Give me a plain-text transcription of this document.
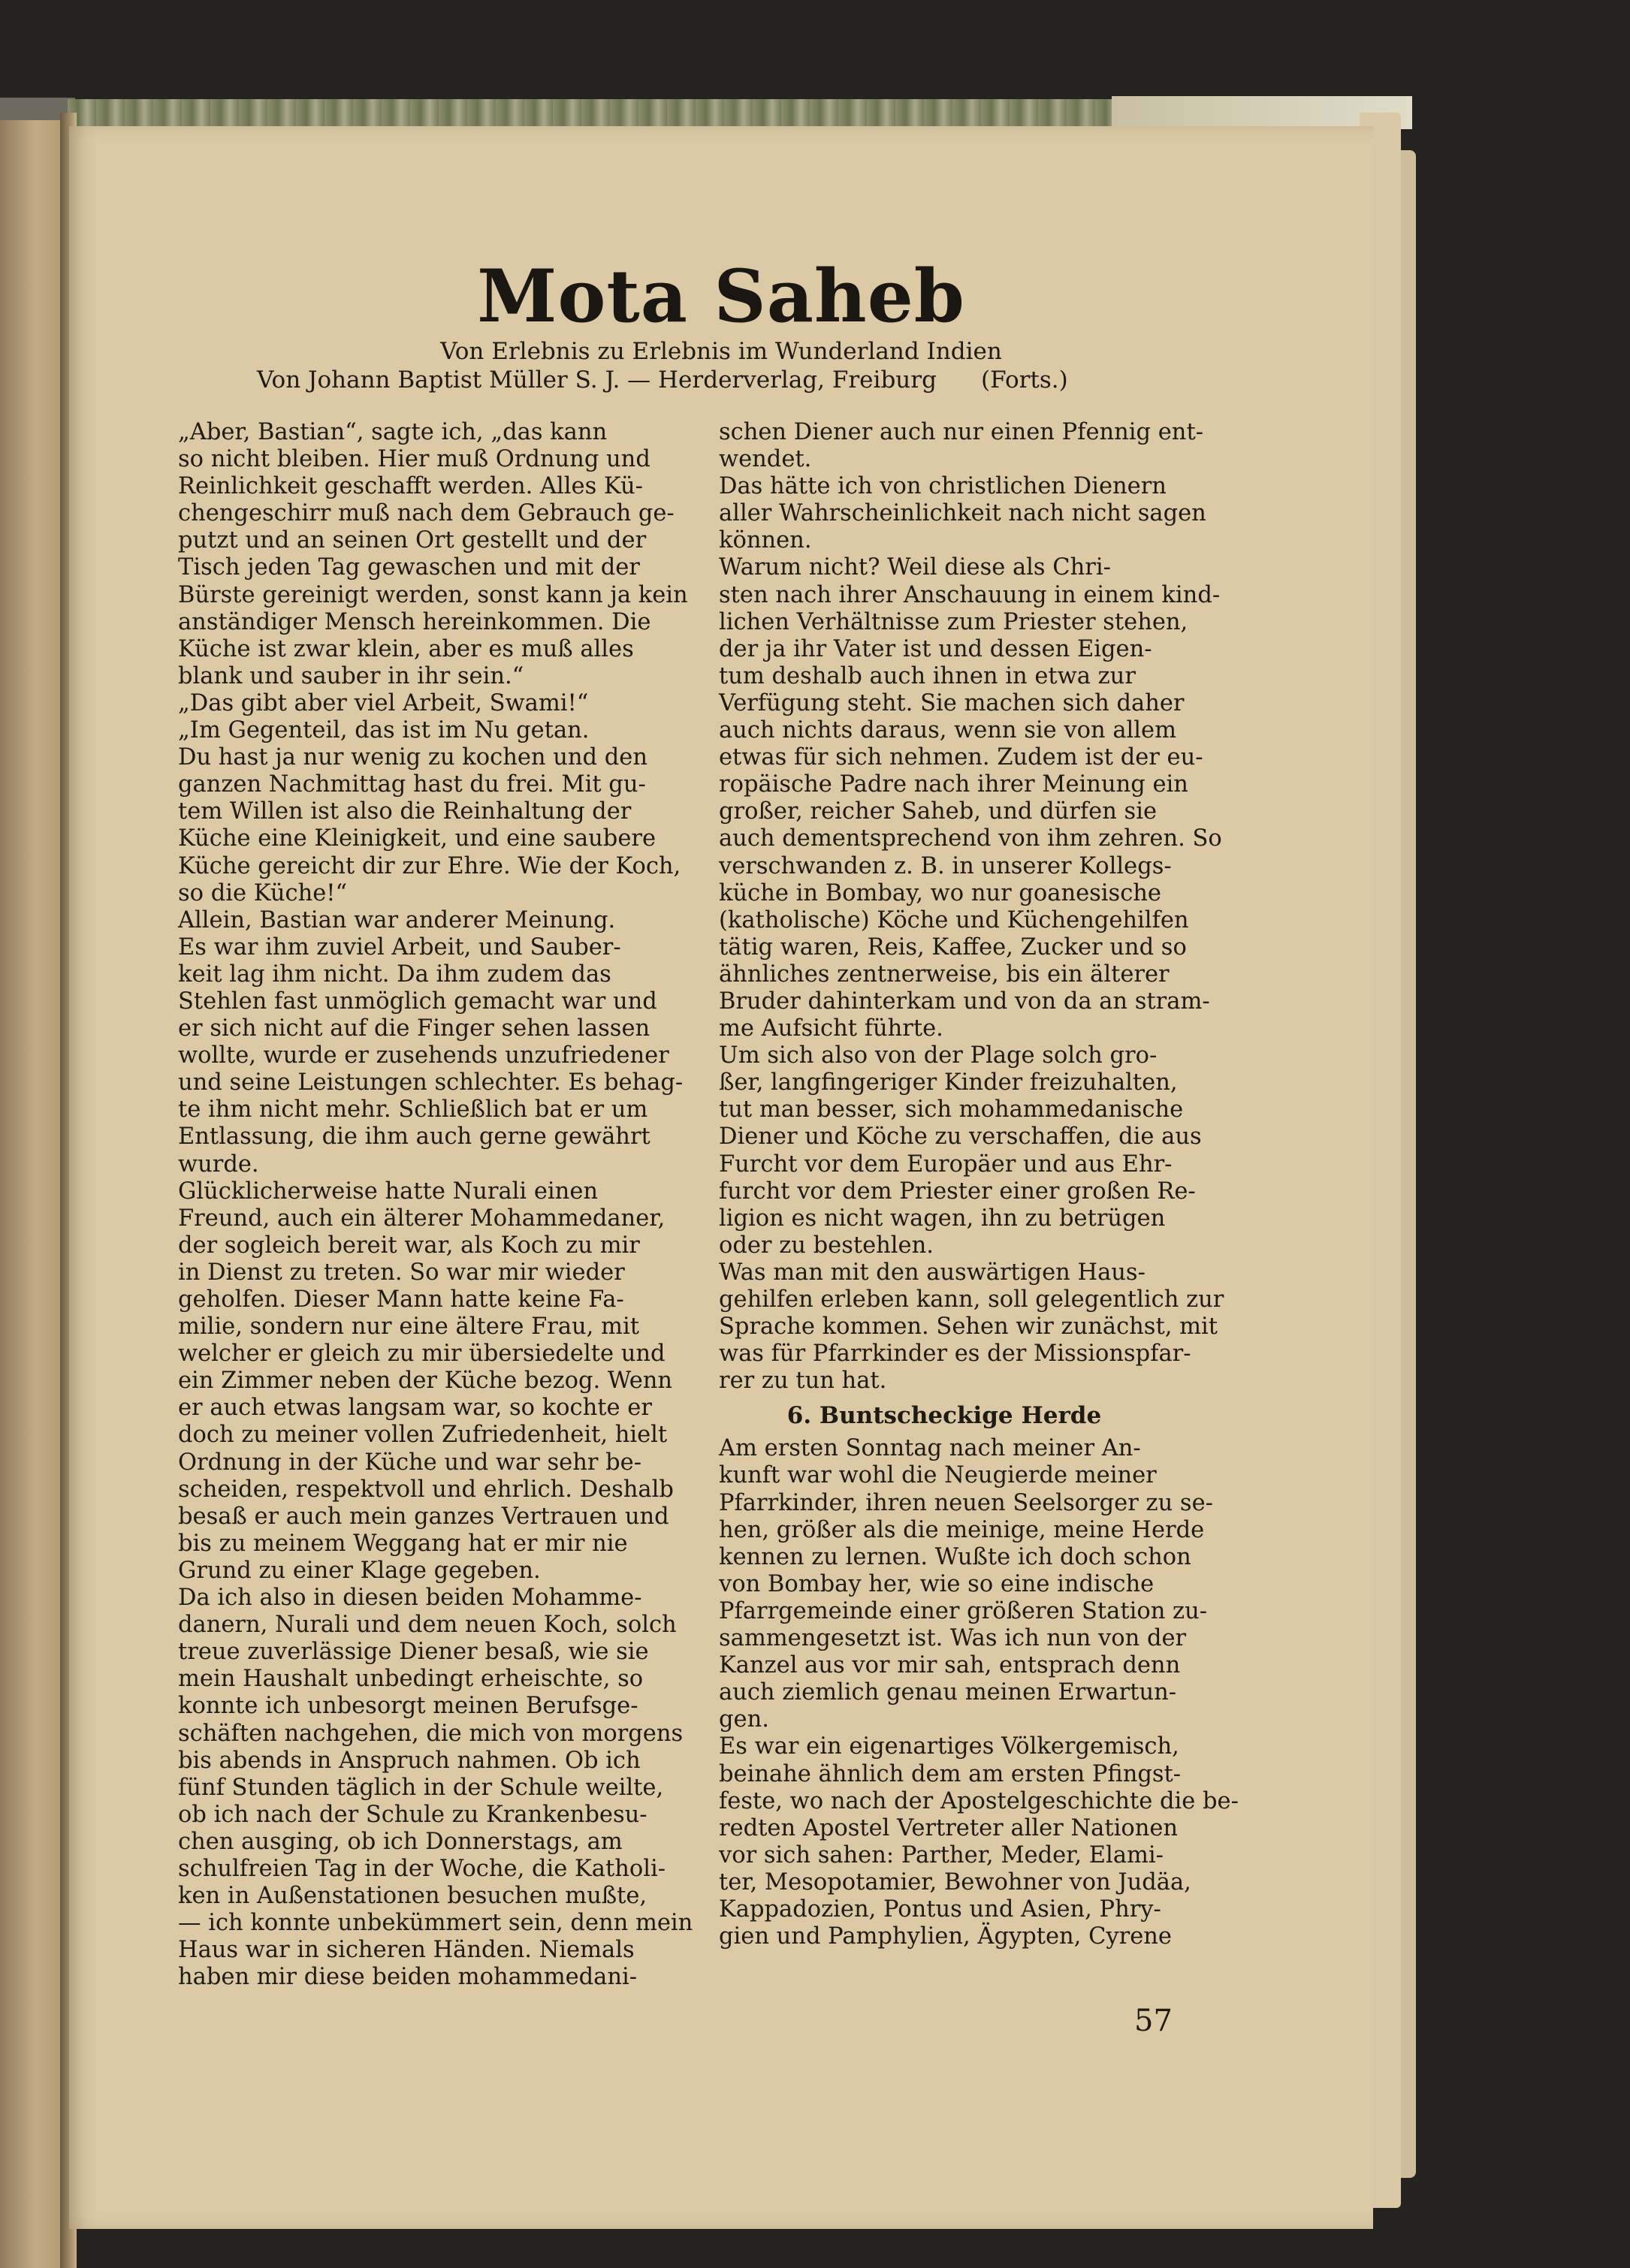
Mota Saheb
Von Erlebnis zu Erlebnis im Wunderland Indien
Von Johann Baptist Müller S. J. — Herderverlag, Freiburg      (Forts.)
„Aber, Bastian“, sagte ich, „das kann
so nicht bleiben. Hier muß Ordnung und
Reinlichkeit geschafft werden. Alles Kü-
chengeschirr muß nach dem Gebrauch ge-
putzt und an seinen Ort gestellt und der
Tisch jeden Tag gewaschen und mit der
Bürste gereinigt werden, sonst kann ja kein
anständiger Mensch hereinkommen. Die
Küche ist zwar klein, aber es muß alles
blank und sauber in ihr sein.“
„Das gibt aber viel Arbeit, Swami!“
„Im Gegenteil, das ist im Nu getan.
Du hast ja nur wenig zu kochen und den
ganzen Nachmittag hast du frei. Mit gu-
tem Willen ist also die Reinhaltung der
Küche eine Kleinigkeit, und eine saubere
Küche gereicht dir zur Ehre. Wie der Koch,
so die Küche!“
Allein, Bastian war anderer Meinung.
Es war ihm zuviel Arbeit, und Sauber-
keit lag ihm nicht. Da ihm zudem das
Stehlen fast unmöglich gemacht war und
er sich nicht auf die Finger sehen lassen
wollte, wurde er zusehends unzufriedener
und seine Leistungen schlechter. Es behag-
te ihm nicht mehr. Schließlich bat er um
Entlassung, die ihm auch gerne gewährt
wurde.
Glücklicherweise hatte Nurali einen
Freund, auch ein älterer Mohammedaner,
der sogleich bereit war, als Koch zu mir
in Dienst zu treten. So war mir wieder
geholfen. Dieser Mann hatte keine Fa-
milie, sondern nur eine ältere Frau, mit
welcher er gleich zu mir übersiedelte und
ein Zimmer neben der Küche bezog. Wenn
er auch etwas langsam war, so kochte er
doch zu meiner vollen Zufriedenheit, hielt
Ordnung in der Küche und war sehr be-
scheiden, respektvoll und ehrlich. Deshalb
besaß er auch mein ganzes Vertrauen und
bis zu meinem Weggang hat er mir nie
Grund zu einer Klage gegeben.
Da ich also in diesen beiden Mohamme-
danern, Nurali und dem neuen Koch, solch
treue zuverlässige Diener besaß, wie sie
mein Haushalt unbedingt erheischte, so
konnte ich unbesorgt meinen Berufsge-
schäften nachgehen, die mich von morgens
bis abends in Anspruch nahmen. Ob ich
fünf Stunden täglich in der Schule weilte,
ob ich nach der Schule zu Krankenbesu-
chen ausging, ob ich Donnerstags, am
schulfreien Tag in der Woche, die Katholi-
ken in Außenstationen besuchen mußte,
— ich konnte unbekümmert sein, denn mein
Haus war in sicheren Händen. Niemals
haben mir diese beiden mohammedani-
schen Diener auch nur einen Pfennig ent-
wendet.
Das hätte ich von christlichen Dienern
aller Wahrscheinlichkeit nach nicht sagen
können.
Warum nicht? Weil diese als Chri-
sten nach ihrer Anschauung in einem kind-
lichen Verhältnisse zum Priester stehen,
der ja ihr Vater ist und dessen Eigen-
tum deshalb auch ihnen in etwa zur
Verfügung steht. Sie machen sich daher
auch nichts daraus, wenn sie von allem
etwas für sich nehmen. Zudem ist der eu-
ropäische Padre nach ihrer Meinung ein
großer, reicher Saheb, und dürfen sie
auch dementsprechend von ihm zehren. So
verschwanden z. B. in unserer Kollegs-
küche in Bombay, wo nur goanesische
(katholische) Köche und Küchengehilfen
tätig waren, Reis, Kaffee, Zucker und so
ähnliches zentnerweise, bis ein älterer
Bruder dahinterkam und von da an stram-
me Aufsicht führte.
Um sich also von der Plage solch gro-
ßer, langfingeriger Kinder freizuhalten,
tut man besser, sich mohammedanische
Diener und Köche zu verschaffen, die aus
Furcht vor dem Europäer und aus Ehr-
furcht vor dem Priester einer großen Re-
ligion es nicht wagen, ihn zu betrügen
oder zu bestehlen.
Was man mit den auswärtigen Haus-
gehilfen erleben kann, soll gelegentlich zur
Sprache kommen. Sehen wir zunächst, mit
was für Pfarrkinder es der Missionspfar-
rer zu tun hat.
6. Buntscheckige Herde
Am ersten Sonntag nach meiner An-
kunft war wohl die Neugierde meiner
Pfarrkinder, ihren neuen Seelsorger zu se-
hen, größer als die meinige, meine Herde
kennen zu lernen. Wußte ich doch schon
von Bombay her, wie so eine indische
Pfarrgemeinde einer größeren Station zu-
sammengesetzt ist. Was ich nun von der
Kanzel aus vor mir sah, entsprach denn
auch ziemlich genau meinen Erwartun-
gen.
Es war ein eigenartiges Völkergemisch,
beinahe ähnlich dem am ersten Pfingst-
feste, wo nach der Apostelgeschichte die be-
redten Apostel Vertreter aller Nationen
vor sich sahen: Parther, Meder, Elami-
ter, Mesopotamier, Bewohner von Judäa,
Kappadozien, Pontus und Asien, Phry-
gien und Pamphylien, Ägypten, Cyrene
57
